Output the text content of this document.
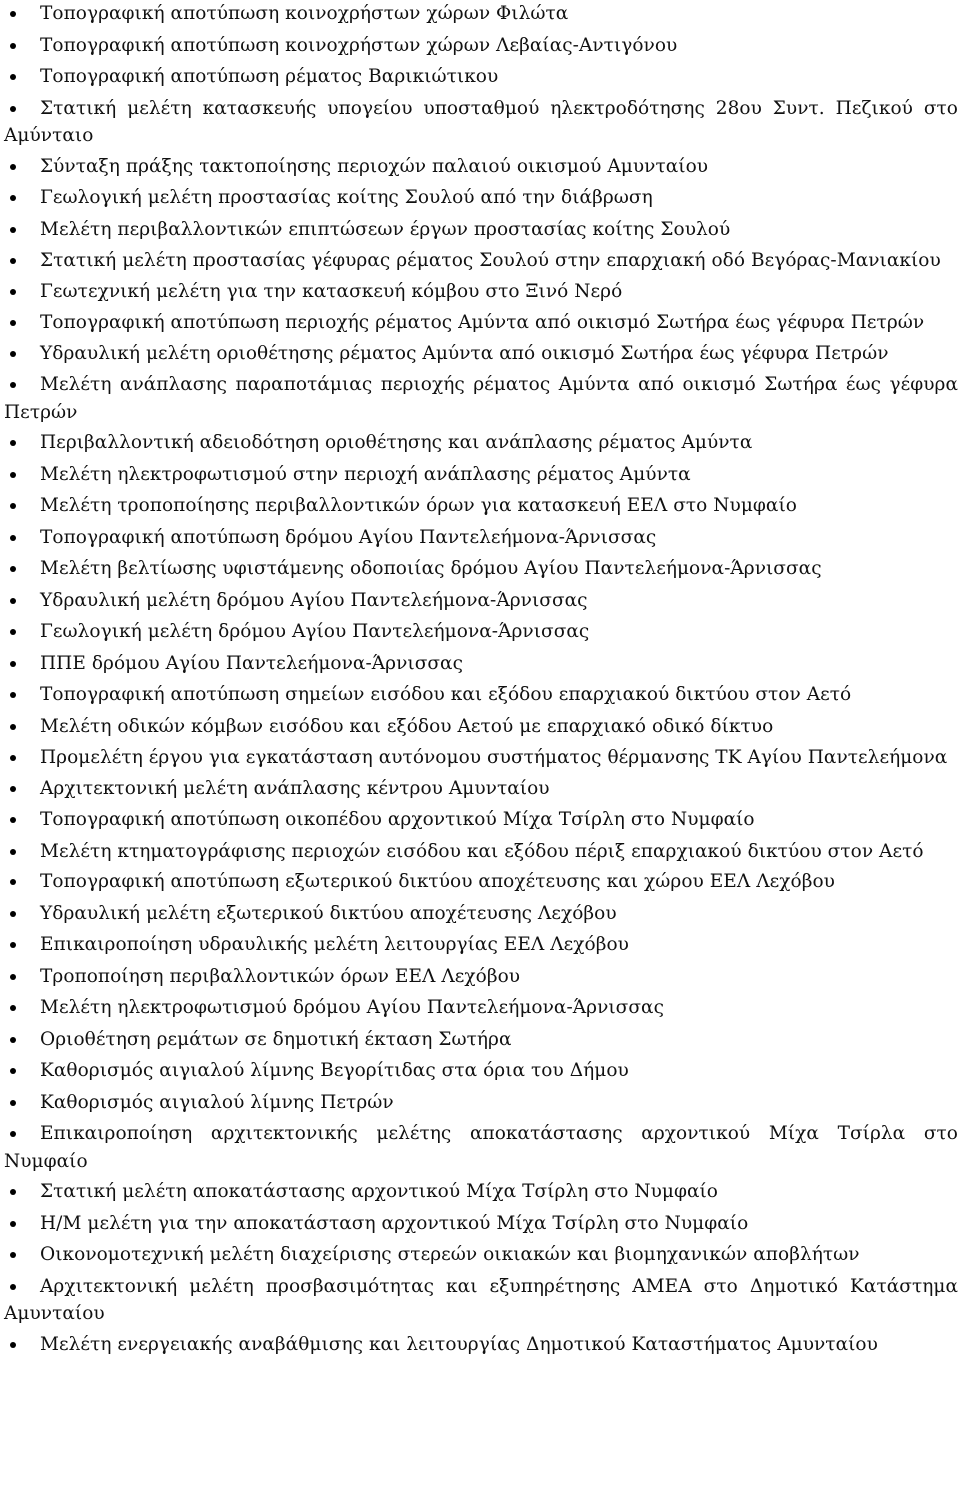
Τοπογραφική αποτύπωση κοινοχρήστων χώρων Φιλώτα
Τοπογραφική αποτύπωση κοινοχρήστων χώρων Λεβαίας-Αντιγόνου
Τοπογραφική αποτύπωση ρέματος Βαρικιώτικου
Στατική μελέτη κατασκευής υπογείου υποσταθμού ηλεκτροδότησης 28ου Συντ. Πεζικού στο Αμύνταιο
Σύνταξη πράξης τακτοποίησης περιοχών παλαιού οικισμού Αμυνταίου
Γεωλογική μελέτη προστασίας κοίτης Σουλού από την διάβρωση
Μελέτη περιβαλλοντικών επιπτώσεων έργων προστασίας κοίτης Σουλού
Στατική μελέτη προστασίας γέφυρας ρέματος Σουλού στην επαρχιακή οδό Βεγόρας-Μανιακίου
Γεωτεχνική μελέτη για την κατασκευή κόμβου στο Ξινό Νερό
Τοπογραφική αποτύπωση περιοχής ρέματος Αμύντα από οικισμό Σωτήρα έως γέφυρα Πετρών
Υδραυλική μελέτη οριοθέτησης ρέματος Αμύντα από οικισμό Σωτήρα έως γέφυρα Πετρών
Μελέτη ανάπλασης παραποτάμιας περιοχής ρέματος Αμύντα από οικισμό Σωτήρα έως γέφυρα Πετρών
Περιβαλλοντική αδειοδότηση οριοθέτησης και ανάπλασης ρέματος Αμύντα
Μελέτη ηλεκτροφωτισμού στην περιοχή ανάπλασης ρέματος Αμύντα
Μελέτη τροποποίησης περιβαλλοντικών όρων για κατασκευή ΕΕΛ στο Νυμφαίο
Τοπογραφική αποτύπωση δρόμου Αγίου Παντελεήμονα-Άρνισσας
Μελέτη βελτίωσης υφιστάμενης οδοποιίας δρόμου Αγίου Παντελεήμονα-Άρνισσας
Υδραυλική μελέτη δρόμου Αγίου Παντελεήμονα-Άρνισσας
Γεωλογική μελέτη δρόμου Αγίου Παντελεήμονα-Άρνισσας
ΠΠΕ δρόμου Αγίου Παντελεήμονα-Άρνισσας
Τοπογραφική αποτύπωση σημείων εισόδου και εξόδου επαρχιακού δικτύου στον Αετό
Μελέτη οδικών κόμβων εισόδου και εξόδου Αετού με επαρχιακό οδικό δίκτυο
Προμελέτη έργου για εγκατάσταση αυτόνομου συστήματος θέρμανσης ΤΚ Αγίου Παντελεήμονα
Αρχιτεκτονική μελέτη ανάπλασης κέντρου Αμυνταίου
Τοπογραφική αποτύπωση οικοπέδου αρχοντικού Μίχα Τσίρλη στο Νυμφαίο
Μελέτη κτηματογράφισης περιοχών εισόδου και εξόδου πέριξ επαρχιακού δικτύου στον Αετό
Τοπογραφική αποτύπωση εξωτερικού δικτύου αποχέτευσης και χώρου ΕΕΛ Λεχόβου
Υδραυλική μελέτη εξωτερικού δικτύου αποχέτευσης Λεχόβου
Επικαιροποίηση υδραυλικής μελέτη λειτουργίας ΕΕΛ Λεχόβου
Τροποποίηση περιβαλλοντικών όρων ΕΕΛ Λεχόβου
Μελέτη ηλεκτροφωτισμού δρόμου Αγίου Παντελεήμονα-Άρνισσας
Οριοθέτηση ρεμάτων σε δημοτική έκταση Σωτήρα
Καθορισμός αιγιαλού λίμνης Βεγορίτιδας στα όρια του Δήμου
Καθορισμός αιγιαλού λίμνης Πετρών
Επικαιροποίηση αρχιτεκτονικής μελέτης αποκατάστασης αρχοντικού Μίχα Τσίρλα στο Νυμφαίο
Στατική μελέτη αποκατάστασης αρχοντικού Μίχα Τσίρλη στο Νυμφαίο
Η/Μ μελέτη για την αποκατάσταση αρχοντικού Μίχα Τσίρλη στο Νυμφαίο
Οικονομοτεχνική μελέτη διαχείρισης στερεών οικιακών και βιομηχανικών αποβλήτων
Αρχιτεκτονική μελέτη προσβασιμότητας και εξυπηρέτησης ΑΜΕΑ στο Δημοτικό Κατάστημα Αμυνταίου
Μελέτη ενεργειακής αναβάθμισης και λειτουργίας Δημοτικού Καταστήματος Αμυνταίου
